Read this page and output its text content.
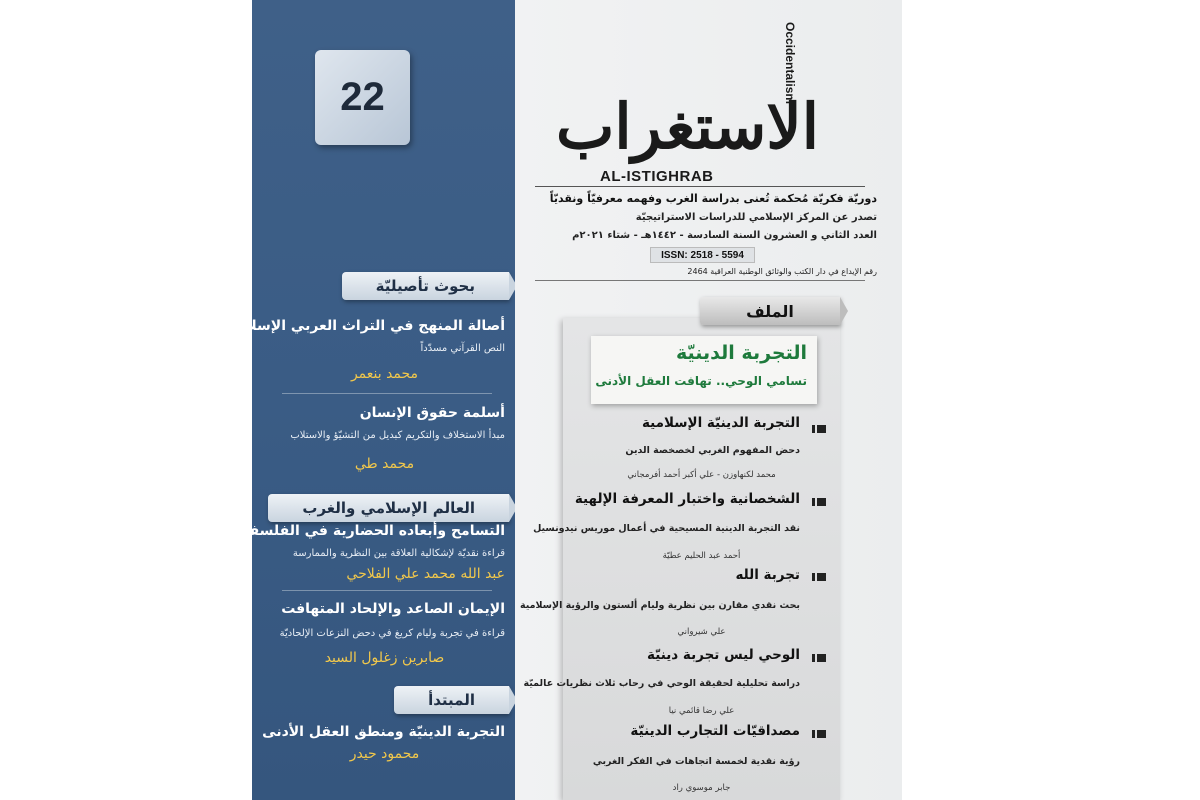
22
بحوث تأصيليّة
أصالة المنهج في التراث العربي الإسلامي
النص القرآني مسدّداً
محمد بنعمر
أسلمة حقوق الإنسان
مبدأ الاستخلاف والتكريم كبديل من التشيّؤ والاستلاب
محمد طي
العالم الإسلامي والغرب
التسامح وأبعاده الحضارية في الفلسفة الغربيّة
قراءة نقديّة لإشكالية العلاقة بين النظرية والممارسة
عبد الله محمد علي الفلاحي
الإيمان الصاعد والإلحاد المتهافت
قراءة في تجربة وليام كريغ في دحض النزعات الإلحاديّة
صابرين زغلول السيد
المبتدأ
التجربة الدينيّة ومنطق العقل الأدنى
محمود حيدر
Occidentalism
الاستغراب
AL-ISTIGHRAB
دوريّة فكريّة مُحكمة تُعنى بدراسة الغرب وفهمه معرفيّاً ونقديّاً
تصدر عن المركز الإسلامي للدراسات الاستراتيجيّة
العدد الثاني و العشرون السنة السادسة - ١٤٤٢هـ - شتاء ٢٠٢١م
ISSN: 2518 - 5594
رقم الإيداع في دار الكتب والوثائق الوطنية العراقية 2464
التجربة الدينيّة
تسامي الوحي.. تهافت العقل الأدنى
التجربة الدينيّة الإسلامية
دحض المفهوم الغربي لخصخصة الدين
محمد لكنهاوزن - علي أكبر أحمد أفرمجاني
الشخصانية واختبار المعرفة الإلهية
نقد التجربة الدينية المسيحية في أعمال موريس نيدونسيل
أحمد عبد الحليم عطيّة
تجربة الله
بحث نقدي مقارن بين نظرية وليام ألستون والرؤية الإسلامية
علي شيرواني
الوحي ليس تجربة دينيّة
دراسة تحليلية لحقيقة الوحي في رحاب ثلاث نظريات عالميّة
علي رضا قائمي نيا
مصداقيّات التجارب الدينيّة
رؤية نقدية لخمسة اتجاهات في الفكر الغربي
جابر موسوي راد
الملف
